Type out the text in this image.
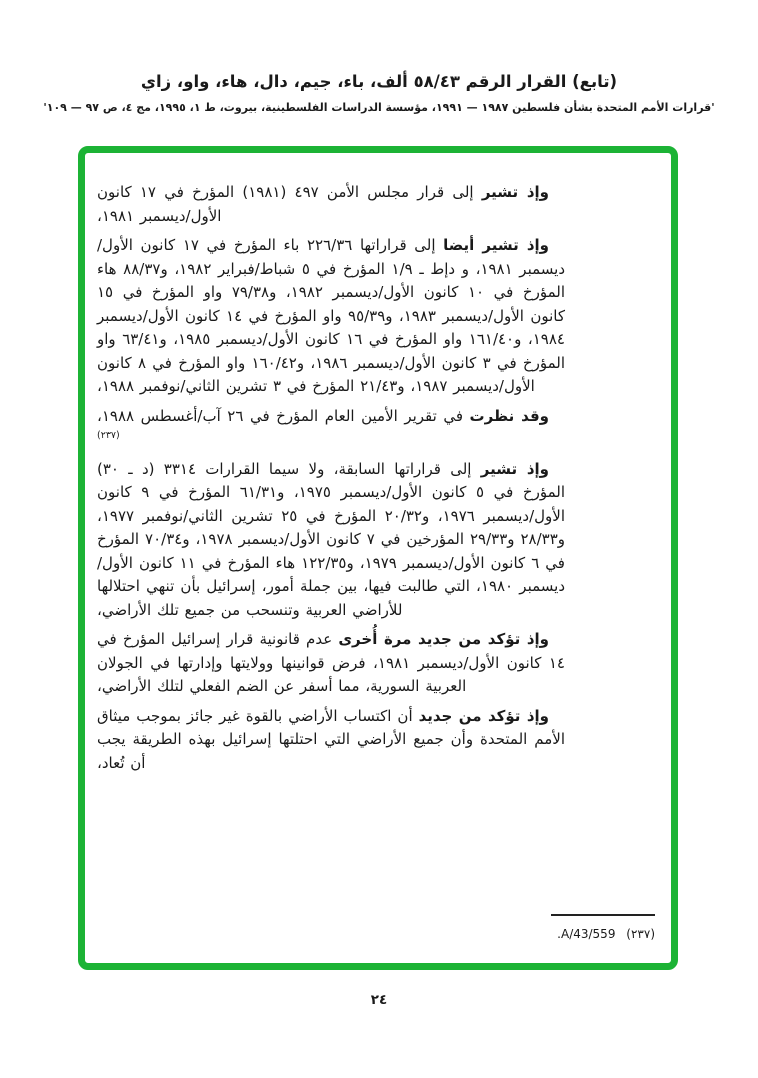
(تابع) القرار الرقم ٥٨/٤٣ ألف، باء، جيم، دال، هاء، واو، زاي

'قرارات الأمم المتحدة بشأن فلسطين ١٩٨٧ — ١٩٩١، مؤسسة الدراسات الفلسطينية، بيروت، ط ١، ١٩٩٥، مج ٤، ص ٩٧ — ١٠٩'

وإذ تشير إلى قرار مجلس الأمن ٤٩٧ (١٩٨١) المؤرخ في ١٧ كانون الأول/ديسمبر ١٩٨١،

وإذ تشير أيضا إلى قراراتها ٢٢٦/٣٦ باء المؤرخ في ١٧ كانون الأول/ديسمبر ١٩٨١، و دإط ـ ١/٩ المؤرخ في ٥ شباط/فبراير ١٩٨٢، و٨٨/٣٧ هاء المؤرخ في ١٠ كانون الأول/ديسمبر ١٩٨٢، و٧٩/٣٨ واو المؤرخ في ١٥ كانون الأول/ديسمبر ١٩٨٣، و٩٥/٣٩ واو المؤرخ في ١٤ كانون الأول/ديسمبر ١٩٨٤، و١٦١/٤٠ واو المؤرخ في ١٦ كانون الأول/ديسمبر ١٩٨٥، و٦٣/٤١ واو المؤرخ في ٣ كانون الأول/ديسمبر ١٩٨٦، و١٦٠/٤٢ واو المؤرخ في ٨ كانون الأول/ديسمبر ١٩٨٧، و٢١/٤٣ المؤرخ في ٣ تشرين الثاني/نوفمبر ١٩٨٨،

وقد نظرت في تقرير الأمين العام المؤرخ في ٢٦ آب/أغسطس ١٩٨٨، $^{(٢٣٧)}$

وإذ تشير إلى قراراتها السابقة، ولا سيما القرارات ٣٣١٤ (د ـ ٣٠) المؤرخ في ٥ كانون الأول/ديسمبر ١٩٧٥، و٦١/٣١ المؤرخ في ٩ كانون الأول/ديسمبر ١٩٧٦، و٢٠/٣٢ المؤرخ في ٢٥ تشرين الثاني/نوفمبر ١٩٧٧، و٢٨/٣٣ و٢٩/٣٣ المؤرخين في ٧ كانون الأول/ديسمبر ١٩٧٨، و٧٠/٣٤ المؤرخ في ٦ كانون الأول/ديسمبر ١٩٧٩، و١٢٢/٣٥ هاء المؤرخ في ١١ كانون الأول/ديسمبر ١٩٨٠، التي طالبت فيها، بين جملة أمور، إسرائيل بأن تنهي احتلالها للأراضي العربية وتنسحب من جميع تلك الأراضي،

وإذ تؤكد من جديد مرة أُخرى عدم قانونية قرار إسرائيل المؤرخ في ١٤ كانون الأول/ديسمبر ١٩٨١، فرض قوانينها وولايتها وإدارتها في الجولان العربية السورية، مما أسفر عن الضم الفعلي لتلك الأراضي،

وإذ تؤكد من جديد أن اكتساب الأراضي بالقوة غير جائز بموجب ميثاق الأمم المتحدة وأن جميع الأراضي التي احتلتها إسرائيل بهذه الطريقة يجب أن تُعاد،

(٢٣٧) A/43/559.
٢٤
